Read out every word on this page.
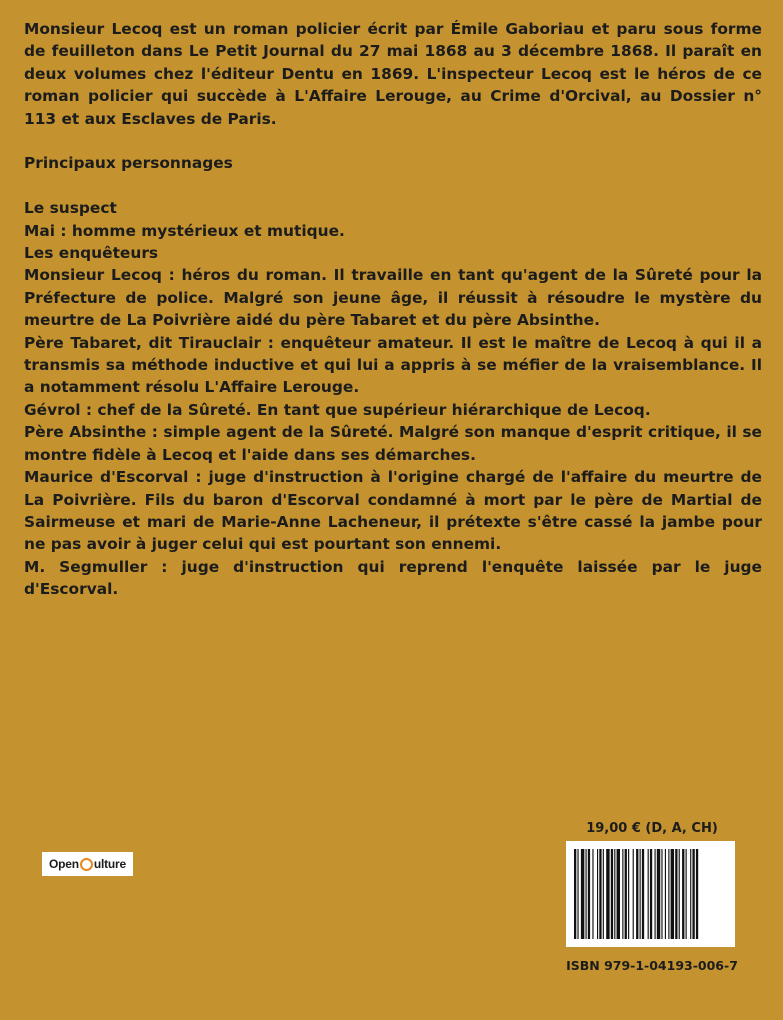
Monsieur Lecoq est un roman policier écrit par Émile Gaboriau et paru sous forme de feuilleton dans Le Petit Journal du 27 mai 1868 au 3 décembre 1868. Il paraît en deux volumes chez l'éditeur Dentu en 1869. L'inspecteur Lecoq est le héros de ce roman policier qui succède à L'Affaire Lerouge, au Crime d'Orcival, au Dossier n° 113 et aux Esclaves de Paris.

Principaux personnages

Le suspect

Mai : homme mystérieux et mutique.

Les enquêteurs

Monsieur Lecoq : héros du roman. Il travaille en tant qu'agent de la Sûreté pour la Préfecture de police. Malgré son jeune âge, il réussit à résoudre le mystère du meurtre de La Poivrière aidé du père Tabaret et du père Absinthe.

Père Tabaret, dit Tirauclair : enquêteur amateur. Il est le maître de Lecoq à qui il a transmis sa méthode inductive et qui lui a appris à se méfier de la vraisemblance. Il a notamment résolu L'Affaire Lerouge.

Gévrol : chef de la Sûreté. En tant que supérieur hiérarchique de Lecoq.

Père Absinthe : simple agent de la Sûreté. Malgré son manque d'esprit critique, il se montre fidèle à Lecoq et l'aide dans ses démarches.

Maurice d'Escorval : juge d'instruction à l'origine chargé de l'affaire du meurtre de La Poivrière. Fils du baron d'Escorval condamné à mort par le père de Martial de Sairmeuse et mari de Marie-Anne Lacheneur, il prétexte s'être cassé la jambe pour ne pas avoir à juger celui qui est pourtant son ennemi.

M. Segmuller : juge d'instruction qui reprend l'enquête laissée par le juge d'Escorval.

Open ulture
19,00 € (D, A, CH)
ISBN 979-1-04193-006-7
